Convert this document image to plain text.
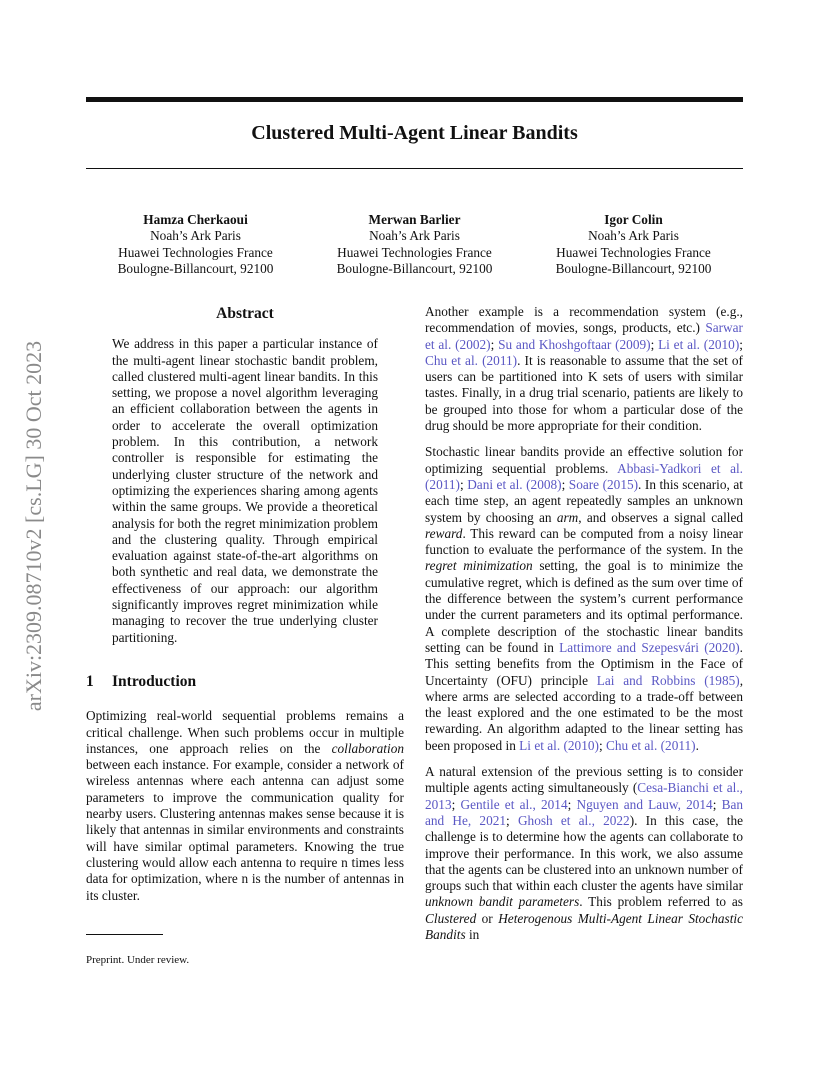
Clustered Multi-Agent Linear Bandits
arXiv:2309.08710v2 [cs.LG] 30 Oct 2023
Hamza Cherkaoui
Noah’s Ark Paris
Huawei Technologies France
Boulogne-Billancourt, 92100
Merwan Barlier
Noah’s Ark Paris
Huawei Technologies France
Boulogne-Billancourt, 92100
Igor Colin
Noah’s Ark Paris
Huawei Technologies France
Boulogne-Billancourt, 92100
Abstract

We address in this paper a particular instance of the multi-agent linear stochastic bandit problem, called clustered multi-agent linear bandits. In this setting, we propose a novel algorithm leveraging an efficient collaboration between the agents in order to accelerate the overall optimization problem. In this contribution, a network controller is responsible for estimating the underlying cluster structure of the network and optimizing the experiences sharing among agents within the same groups. We provide a theoretical analysis for both the regret minimization problem and the clustering quality. Through empirical evaluation against state-of-the-art algorithms on both synthetic and real data, we demonstrate the effectiveness of our approach: our algorithm significantly improves regret minimization while managing to recover the true underlying cluster partitioning.

1 Introduction

Optimizing real-world sequential problems remains a critical challenge. When such problems occur in multiple instances, one approach relies on the collaboration between each instance. For example, consider a network of wireless antennas where each antenna can adjust some parameters to improve the communication quality for nearby users. Clustering antennas makes sense because it is likely that antennas in similar environments and constraints will have similar optimal parameters. Knowing the true clustering would allow each antenna to require n times less data for optimization, where n is the number of antennas in its cluster.

Another example is a recommendation system (e.g., recommendation of movies, songs, products, etc.) Sarwar et al. (2002); Su and Khoshgoftaar (2009); Li et al. (2010); Chu et al. (2011). It is reasonable to assume that the set of users can be partitioned into K sets of users with similar tastes. Finally, in a drug trial scenario, patients are likely to be grouped into those for whom a particular dose of the drug should be more appropriate for their condition.

Stochastic linear bandits provide an effective solution for optimizing sequential problems. Abbasi-Yadkori et al. (2011); Dani et al. (2008); Soare (2015). In this scenario, at each time step, an agent repeatedly samples an unknown system by choosing an arm, and observes a signal called reward. This reward can be computed from a noisy linear function to evaluate the performance of the system. In the regret minimization setting, the goal is to minimize the cumulative regret, which is defined as the sum over time of the difference between the system’s current performance under the current parameters and its optimal performance. A complete description of the stochastic linear bandits setting can be found in Lattimore and Szepesvári (2020). This setting benefits from the Optimism in the Face of Uncertainty (OFU) principle Lai and Robbins (1985), where arms are selected according to a trade-off between the least explored and the one estimated to be the most rewarding. An algorithm adapted to the linear setting has been proposed in Li et al. (2010); Chu et al. (2011).

A natural extension of the previous setting is to consider multiple agents acting simultaneously (Cesa-Bianchi et al., 2013; Gentile et al., 2014; Nguyen and Lauw, 2014; Ban and He, 2021; Ghosh et al., 2022). In this case, the challenge is to determine how the agents can collaborate to improve their performance. In this work, we also assume that the agents can be clustered into an unknown number of groups such that within each cluster the agents have similar unknown bandit parameters. This problem referred to as Clustered or Heterogenous Multi-Agent Linear Stochastic Bandits in

Preprint. Under review.
